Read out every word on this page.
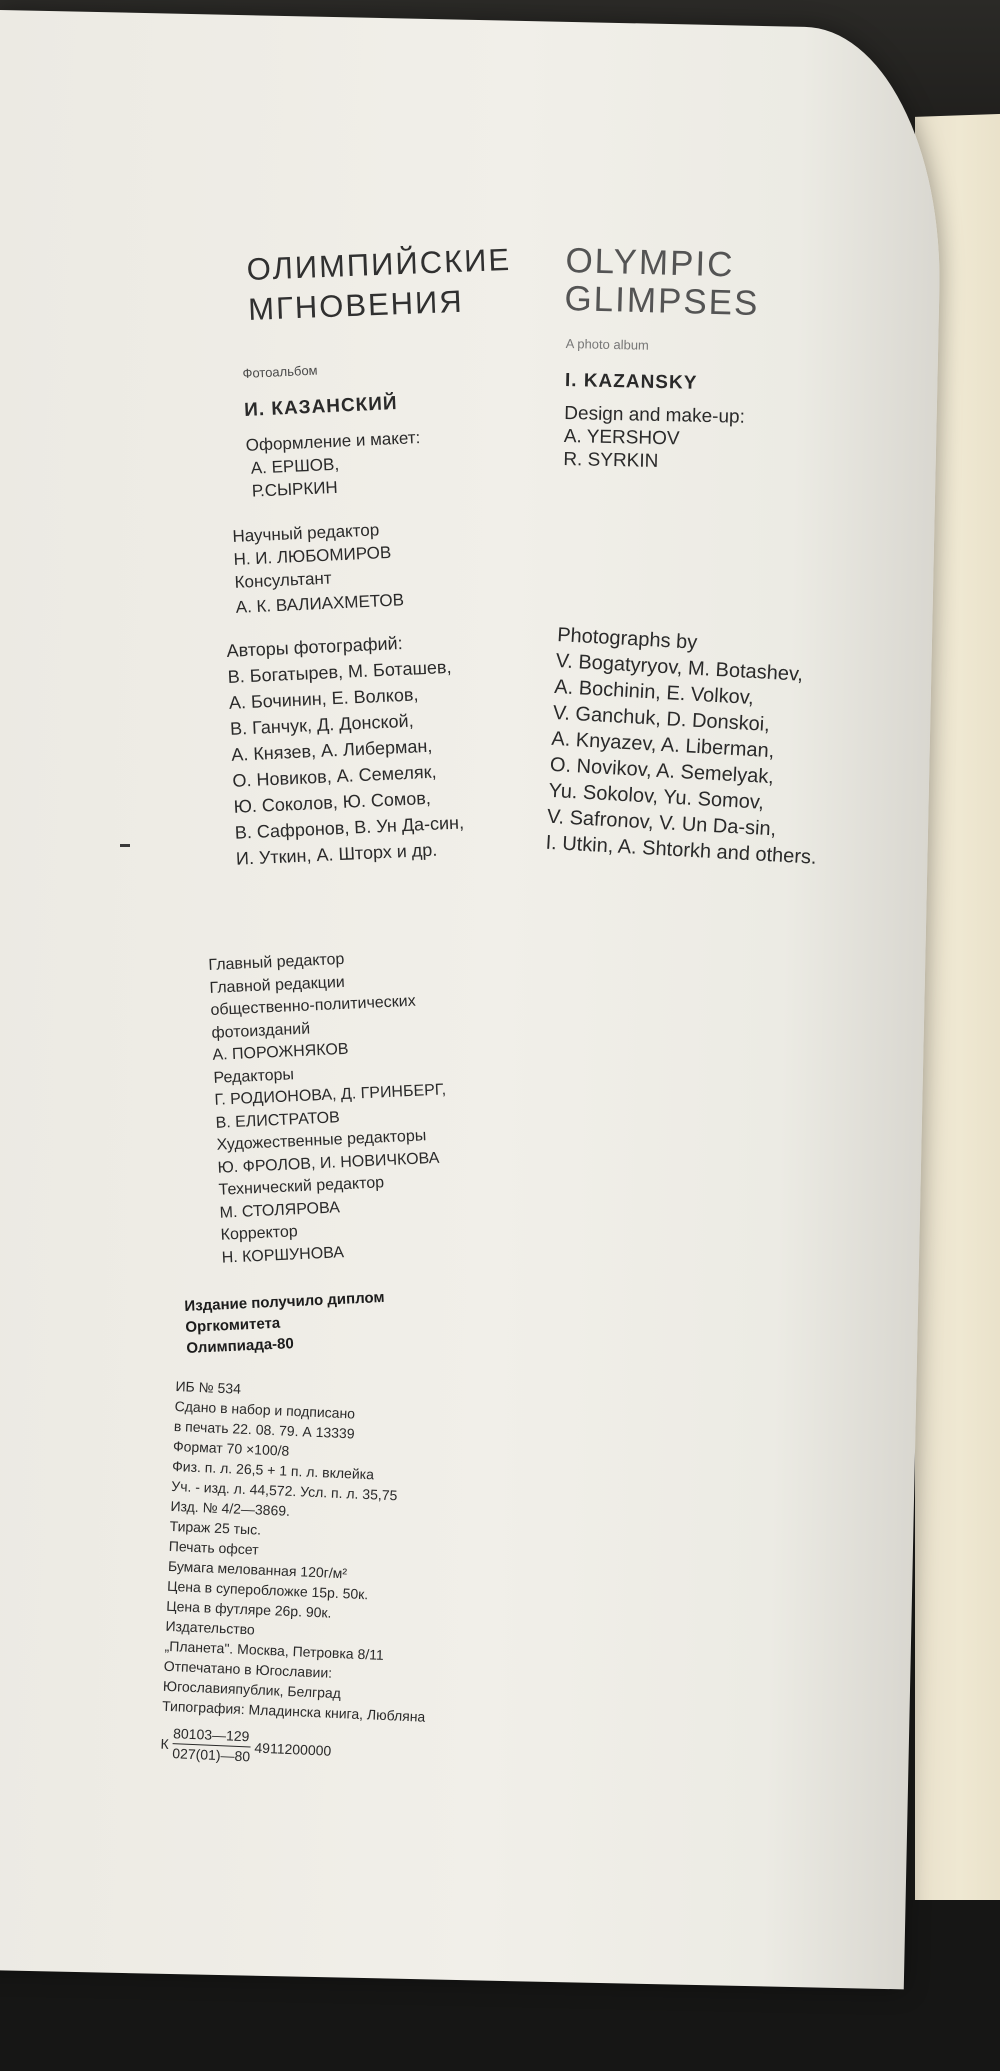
ОЛИМПИЙСКИЕ
МГНОВЕНИЯ
OLYMPIC
GLIMPSES
Фотоальбом
И. КАЗАНСКИЙ
Оформление и макет:
А. ЕРШОВ,
Р.СЫРКИН
Научный редактор
Н. И. ЛЮБОМИРОВ
Консультант
А. К. ВАЛИАХМЕТОВ
A photo album
I. KAZANSKY
Design and make-up:
A. YERSHOV
R. SYRKIN
Авторы фотографий:
В. Богатырев, М. Боташев,
А. Бочинин, Е. Волков,
В. Ганчук, Д. Донской,
А. Князев, А. Либерман,
О. Новиков, А. Семеляк,
Ю. Соколов, Ю. Сомов,
В. Сафронов, В. Ун Да-син,
И. Уткин, А. Шторх и др.
Photographs by
V. Bogatyryov, M. Botashev,
A. Bochinin, E. Volkov,
V. Ganchuk, D. Donskoi,
A. Knyazev, A. Liberman,
O. Novikov, A. Semelyak,
Yu. Sokolov, Yu. Somov,
V. Safronov, V. Un Da-sin,
I. Utkin, A. Shtorkh and others.
Главный редактор
Главной редакции
общественно-политических
фотоизданий
А. ПОРОЖНЯКОВ
Редакторы
Г. РОДИОНОВА, Д. ГРИНБЕРГ,
В. ЕЛИСТРАТОВ
Художественные редакторы
Ю. ФРОЛОВ, И. НОВИЧКОВА
Технический редактор
М. СТОЛЯРОВА
Корректор
Н. КОРШУНОВА
Издание получило диплом
Оргкомитета
Олимпиада-80
ИБ № 534
Сдано в набор и подписано
в печать 22. 08. 79. А 13339
Формат 70 ×100/8
Физ. п. л. 26,5 + 1 п. л. вклейка
Уч. - изд. л. 44,572. Усл. п. л. 35,75
Изд. № 4/2—3869.
Тираж 25 тыс.
Печать офсет
Бумага мелованная 120г/м²
Цена в суперобложке 15р. 50к.
Цена в футляре 26р. 90к.
Издательство
„Планета". Москва, Петровка 8/11
Отпечатано в Югославии:
Югославияпублик, Белград
Типография: Младинска книга, Любляна
К $\frac{80103—129}{027(01)—80} 4911200000$
